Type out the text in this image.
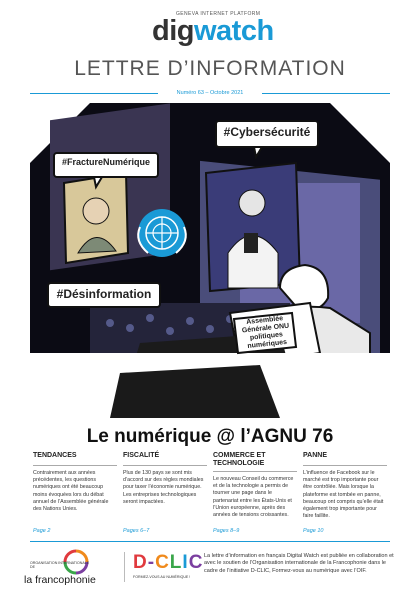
GENEVA INTERNET PLATFORM
digwatch
LETTRE D’INFORMATION
Numéro 63 – Octobre 2021
#Cybersécurité
#FractureNumérique
#Désinformation
Assemblée Générale ONU politiques numériques
Le numérique @ l’AGNU 76
TENDANCES
Contrairement aux années précédentes, les questions numériques ont été beaucoup moins évoquées lors du débat annuel de l’Assemblée générale des Nations Unies.
FISCALITÉ
Plus de 130 pays se sont mis d’accord sur des règles mondiales pour taxer l’économie numérique. Les entreprises technologiques seront impactées.
COMMERCE ET TECHNOLOGIE
Le nouveau Conseil du commerce et de la technologie a permis de tourner une page dans le partenariat entre les États-Unis et l’Union européenne, après des années de tensions croissantes.
PANNE
L’influence de Facebook sur le marché est trop importante pour être contrôlée. Mais lorsque la plateforme est tombée en panne, beaucoup ont compris qu’elle était également trop importante pour faire faillite.
Page 2	Pages 6–7	Pages 8–9	Page 10
ORGANISATION INTERNATIONALE DE
la francophonie
D-CLIC
FORMEZ-VOUS AU NUMÉRIQUE !
La lettre d’information en français Digital Watch est publiée en collaboration et avec le soutien de l’Organisation internationale de la Francophonie dans le cadre de l’initiative D-CLIC, Formez-vous au numérique avec l’OIF.
